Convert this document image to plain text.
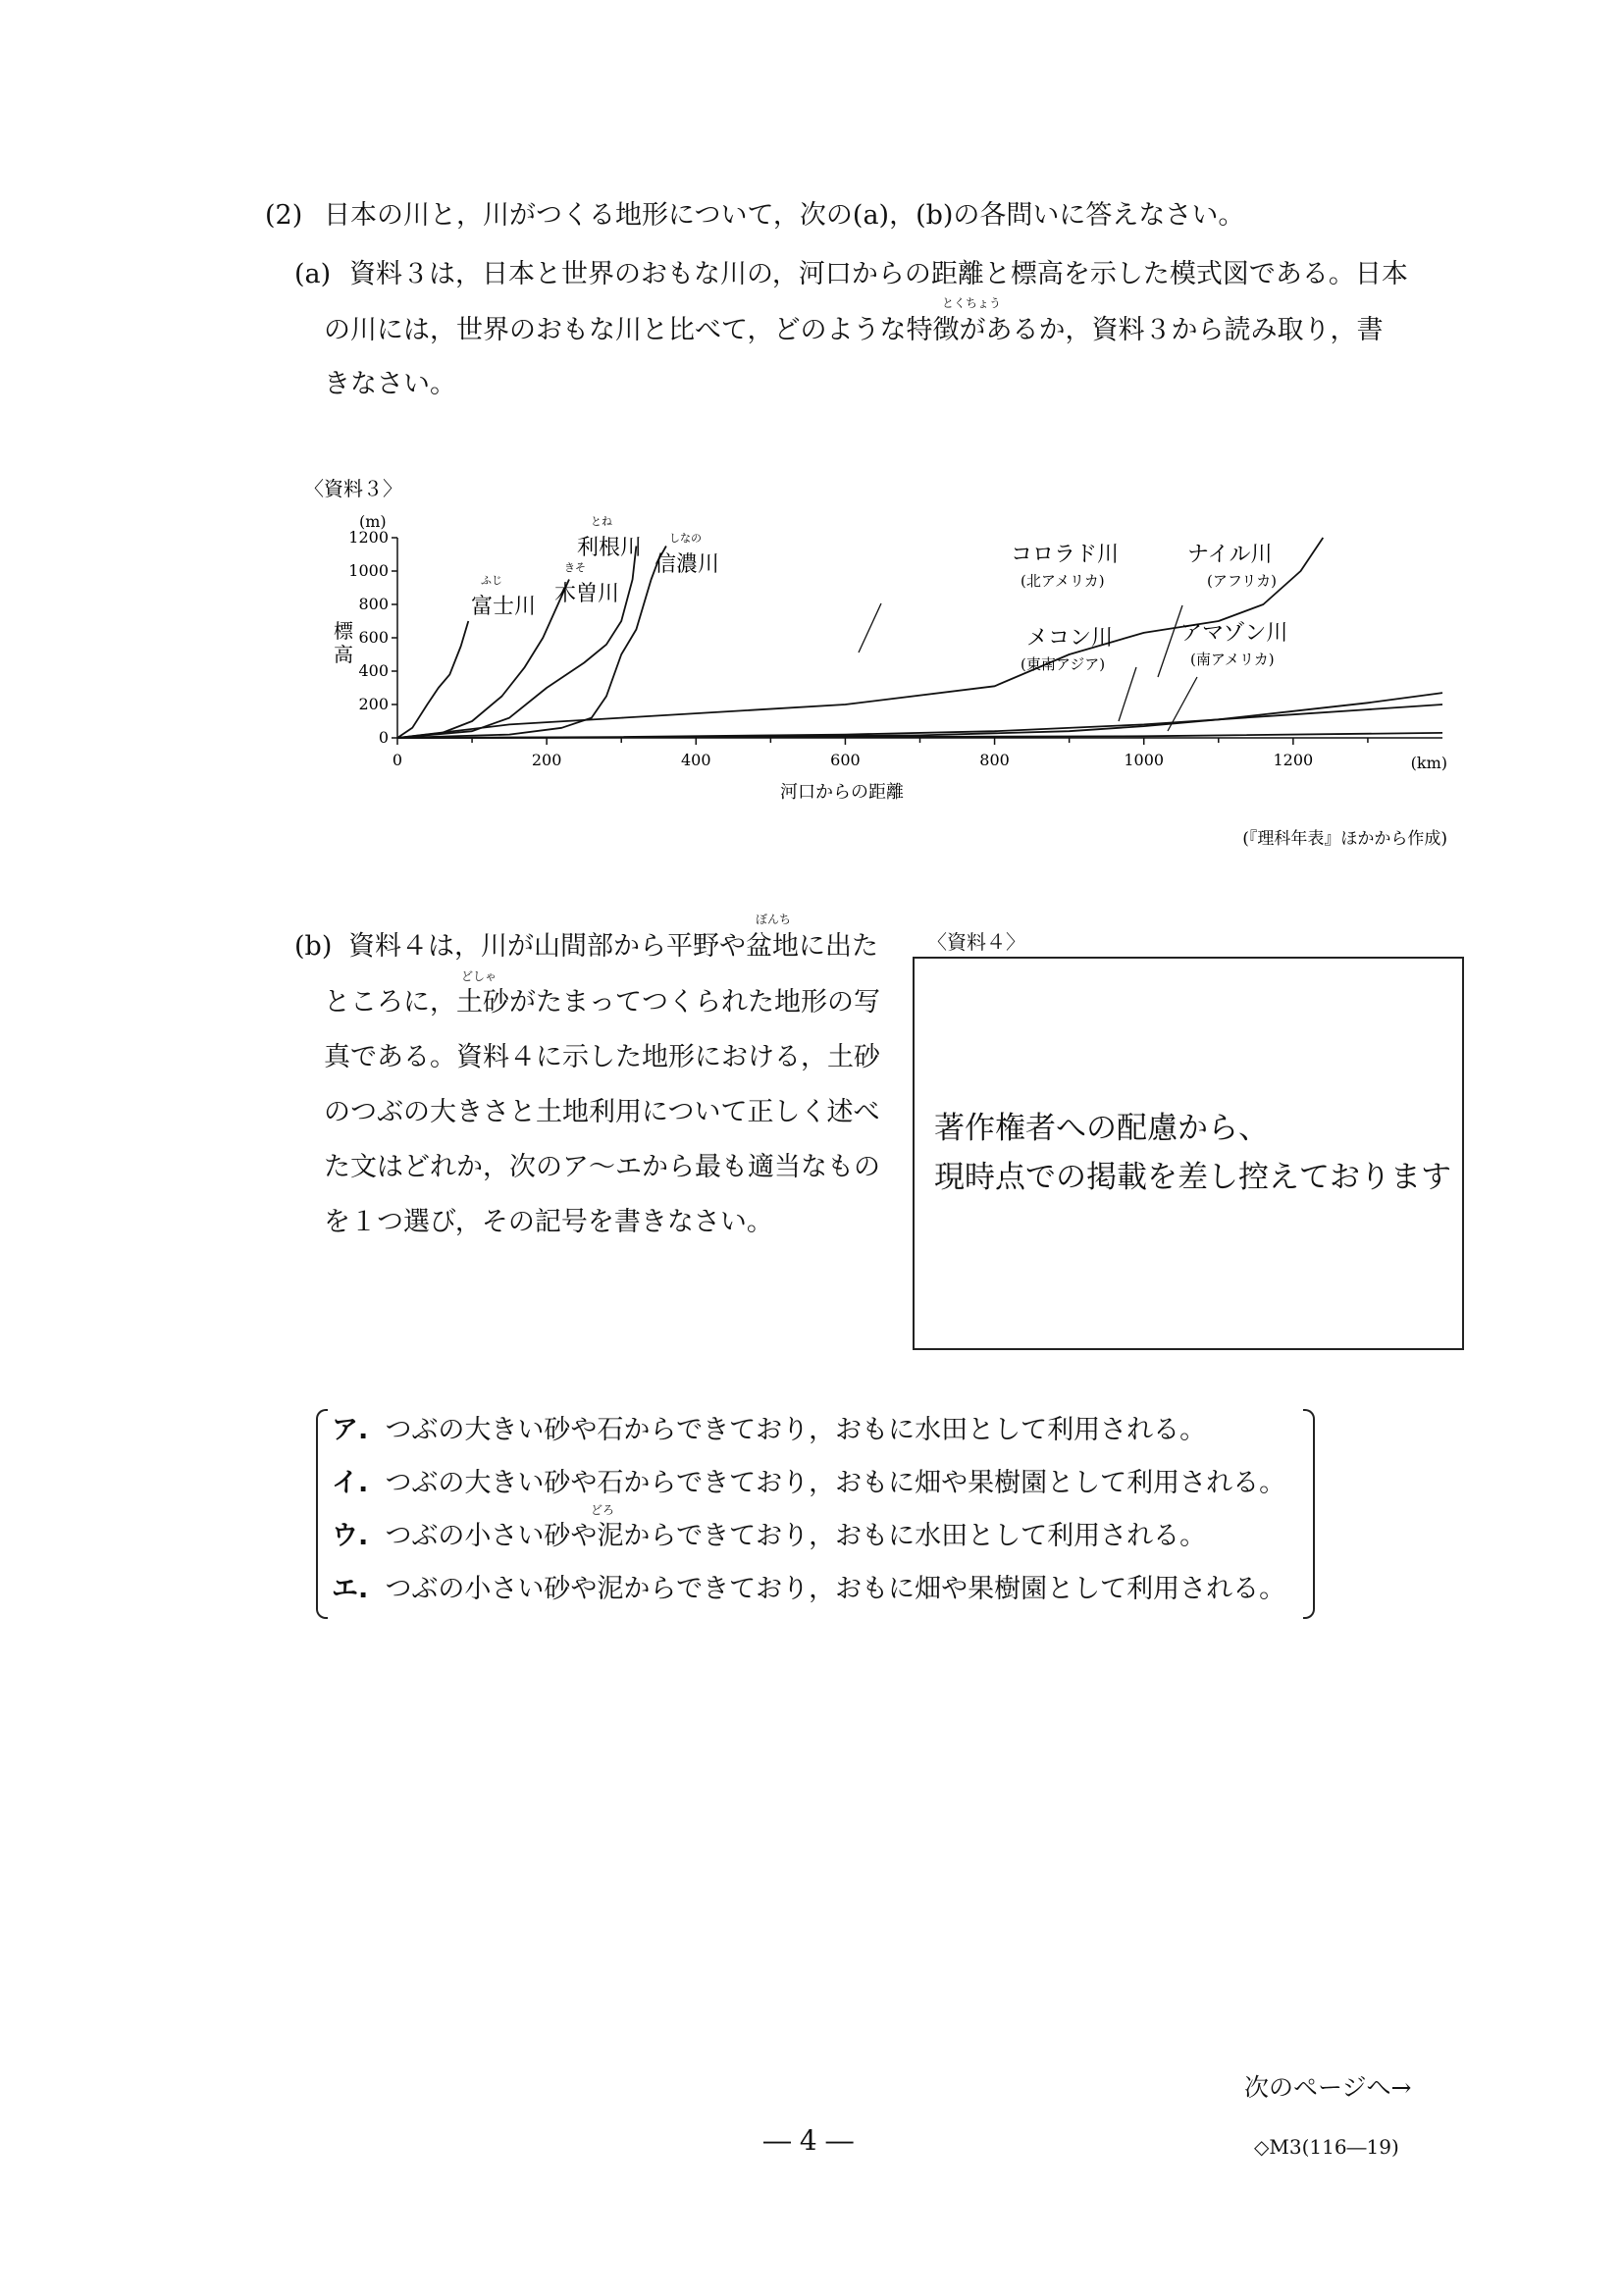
(2) 日本の川と，川がつくる地形について，次の(a)，(b)の各問いに答えなさい。
(a) 資料３は，日本と世界のおもな川の，河口からの距離と標高を示した模式図である。日本
とくちょう
の川には，世界のおもな川と比べて，どのような特徴があるか，資料３から読み取り，書
きなさい。
〈資料３〉
(m)
標高
0
200
400
600
800
1000
1200
0	200	400	600	800	1000	1200
富士川
ふじ
木曽川
きそ
利根川
とね
信濃川
しなの
コロラド川
(北アメリカ)
ナイル川
(アフリカ)
メコン川
(東南アジア)
アマゾン川
(南アメリカ)
河口からの距離
(km)
(『理科年表』ほかから作成)
(b)
ぼんち
資料４は，川が山間部から平野や盆地に出た
どしゃ
ところに，土砂がたまってつくられた地形の写
真である。資料４に示した地形における，土砂
のつぶの大きさと土地利用について正しく述べ
た文はどれか，次のア～エから最も適当なもの
を１つ選び，その記号を書きなさい。
〈資料４〉
著作権者への配慮から、
現時点での掲載を差し控えております
ア. つぶの大きい砂や石からできており，おもに水田として利用される。
イ. つぶの大きい砂や石からできており，おもに畑や果樹園として利用される。
どろ
ウ. つぶの小さい砂や泥からできており，おもに水田として利用される。
エ. つぶの小さい砂や泥からできており，おもに畑や果樹園として利用される。
次のページへ→
― 4 ―	◇M3(116―19)
